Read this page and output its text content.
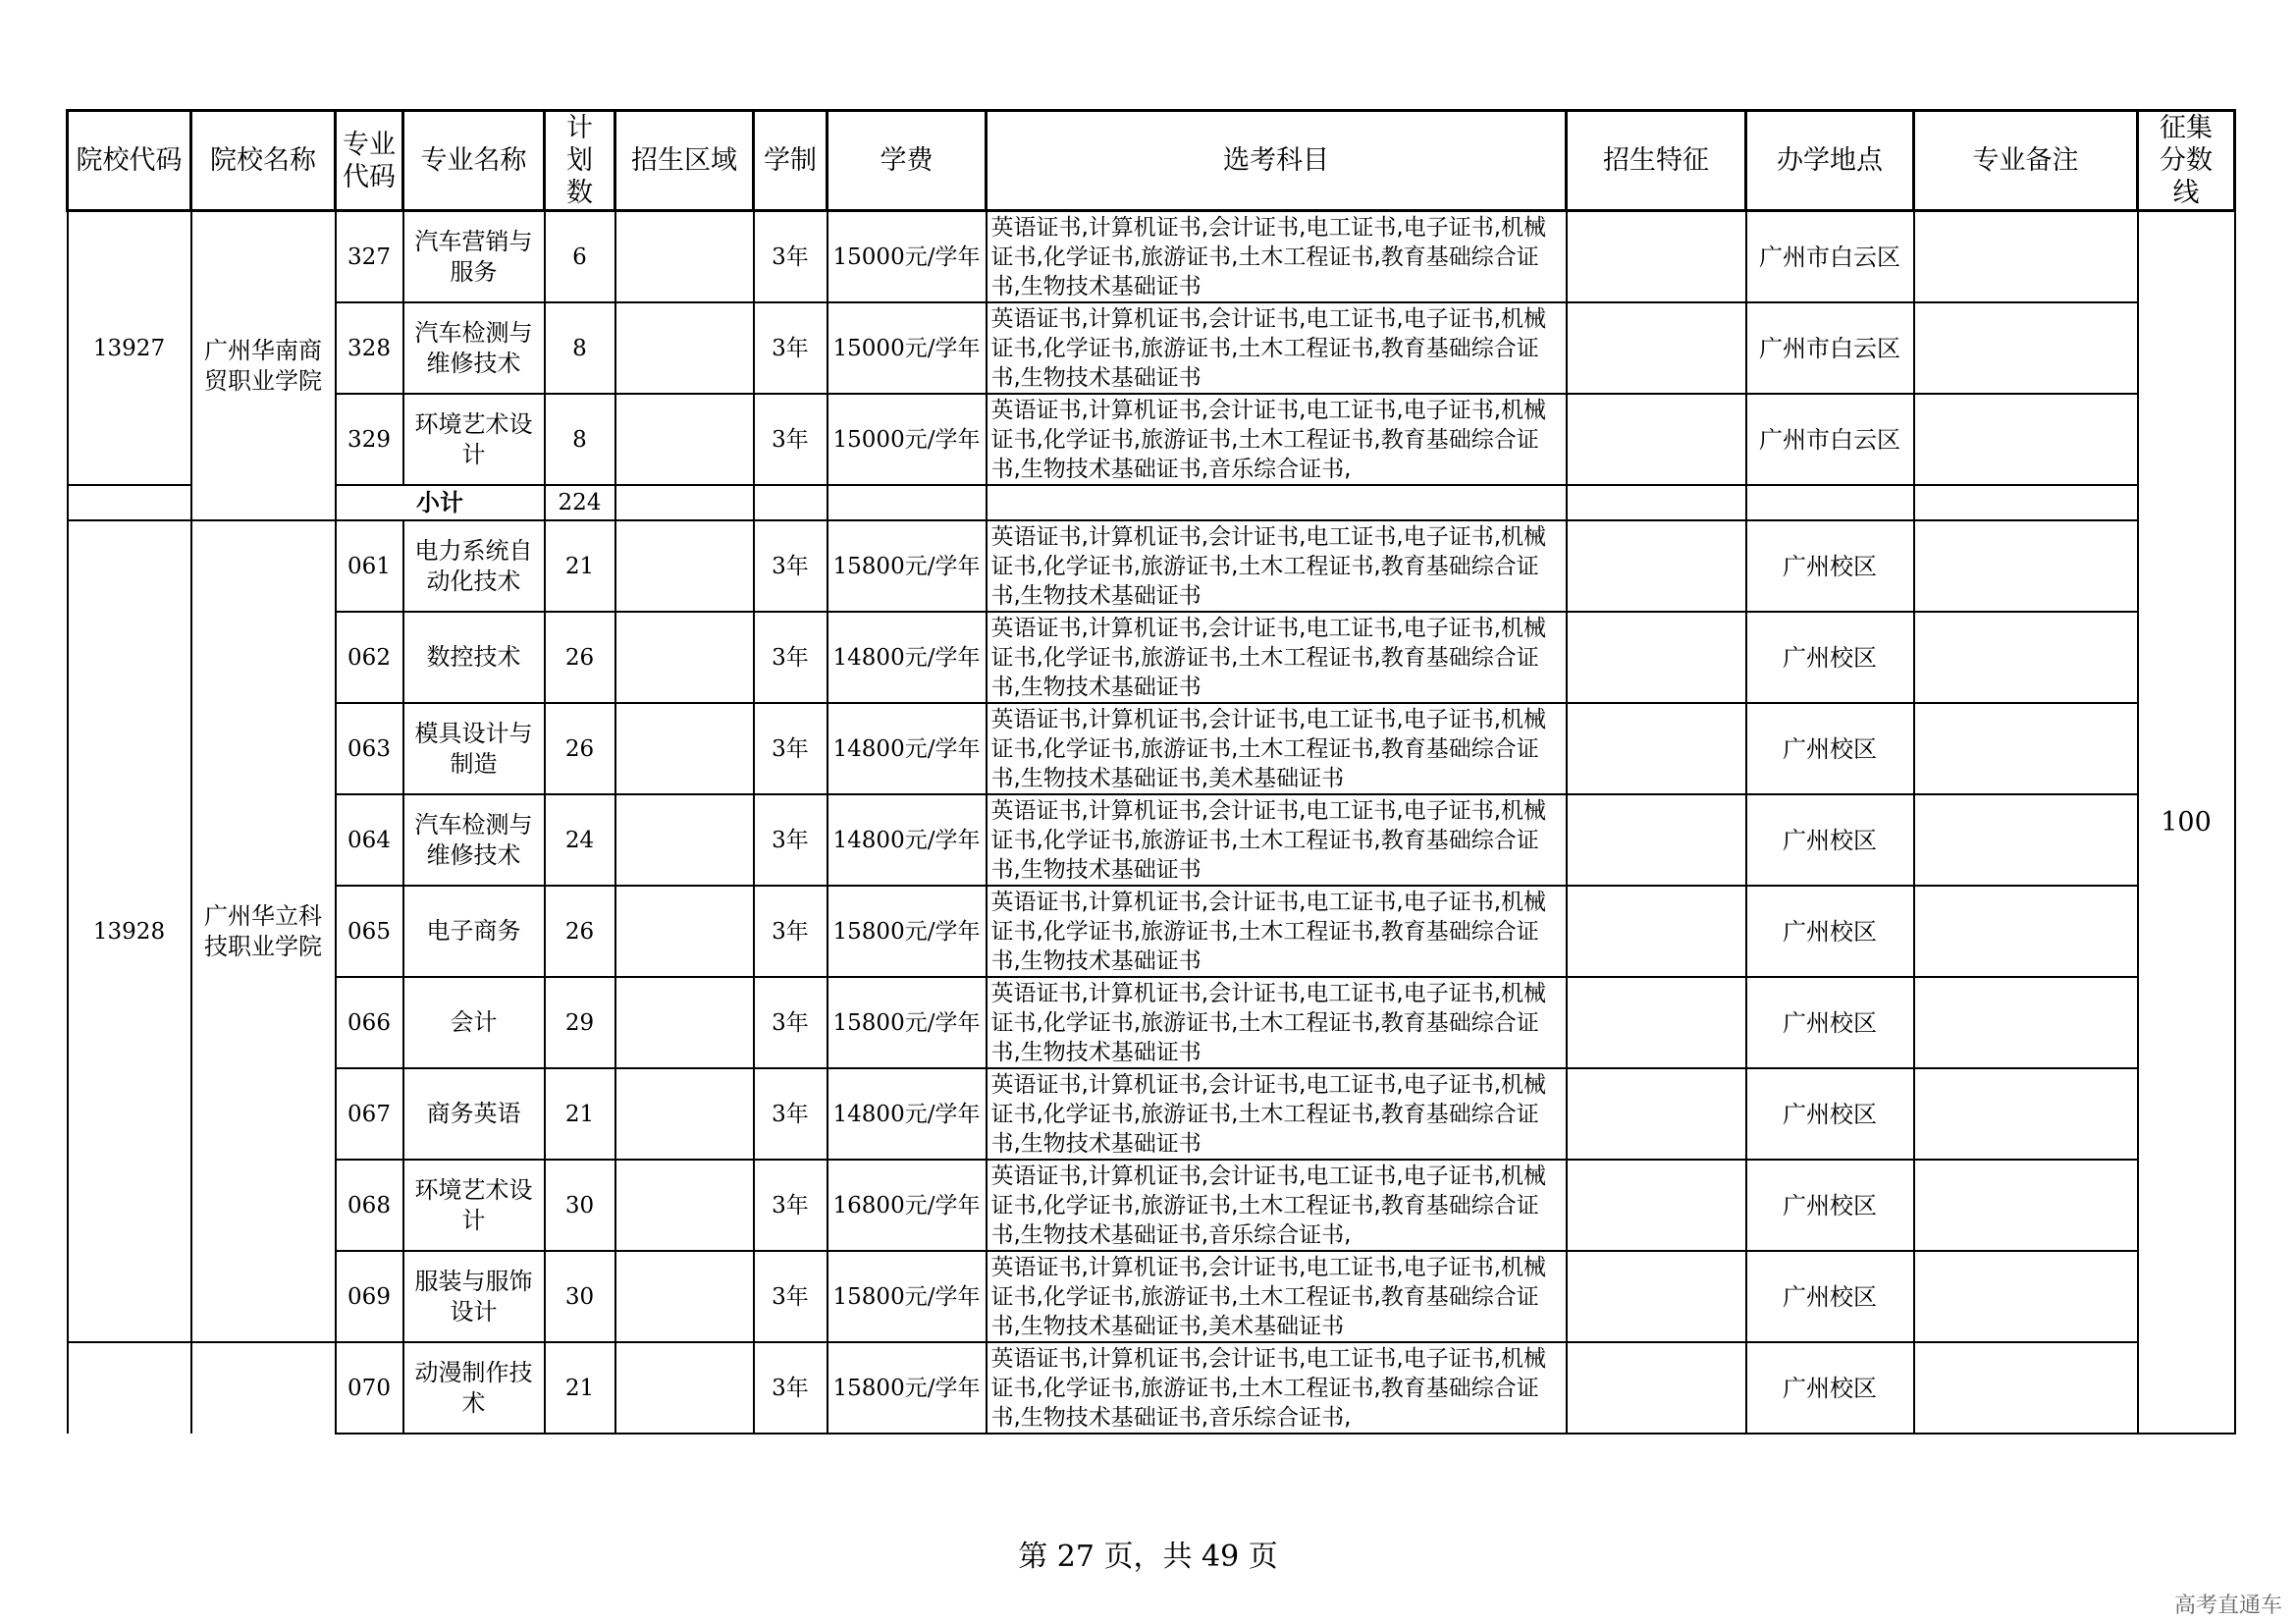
院校代码	院校名称	专业代码	专业名称	计划数	招生区域	学制	学费	选考科目	招生特征	办学地点	专业备注	征集分数线
13927	广州华南商贸职业学院	327	汽车营销与服务	6		3年	15000元/学年	英语证书,计算机证书,会计证书,电工证书,电子证书,机械证书,化学证书,旅游证书,土木工程证书,教育基础综合证书,生物技术基础证书		广州市白云区		100
		328	汽车检测与维修技术	8		3年	15000元/学年	英语证书,计算机证书,会计证书,电工证书,电子证书,机械证书,化学证书,旅游证书,土木工程证书,教育基础综合证书,生物技术基础证书		广州市白云区		
		329	环境艺术设计	8		3年	15000元/学年	英语证书,计算机证书,会计证书,电工证书,电子证书,机械证书,化学证书,旅游证书,土木工程证书,教育基础综合证书,生物技术基础证书,音乐综合证书,		广州市白云区		
		小计		224								
13928	广州华立科技职业学院	061	电力系统自动化技术	21		3年	15800元/学年	英语证书,计算机证书,会计证书,电工证书,电子证书,机械证书,化学证书,旅游证书,土木工程证书,教育基础综合证书,生物技术基础证书		广州校区		
		062	数控技术	26		3年	14800元/学年	英语证书,计算机证书,会计证书,电工证书,电子证书,机械证书,化学证书,旅游证书,土木工程证书,教育基础综合证书,生物技术基础证书		广州校区		
		063	模具设计与制造	26		3年	14800元/学年	英语证书,计算机证书,会计证书,电工证书,电子证书,机械证书,化学证书,旅游证书,土木工程证书,教育基础综合证书,生物技术基础证书,美术基础证书		广州校区		
		064	汽车检测与维修技术	24		3年	14800元/学年	英语证书,计算机证书,会计证书,电工证书,电子证书,机械证书,化学证书,旅游证书,土木工程证书,教育基础综合证书,生物技术基础证书		广州校区		
		065	电子商务	26		3年	15800元/学年	英语证书,计算机证书,会计证书,电工证书,电子证书,机械证书,化学证书,旅游证书,土木工程证书,教育基础综合证书,生物技术基础证书		广州校区		
		066	会计	29		3年	15800元/学年	英语证书,计算机证书,会计证书,电工证书,电子证书,机械证书,化学证书,旅游证书,土木工程证书,教育基础综合证书,生物技术基础证书		广州校区		
		067	商务英语	21		3年	14800元/学年	英语证书,计算机证书,会计证书,电工证书,电子证书,机械证书,化学证书,旅游证书,土木工程证书,教育基础综合证书,生物技术基础证书		广州校区		
		068	环境艺术设计	30		3年	16800元/学年	英语证书,计算机证书,会计证书,电工证书,电子证书,机械证书,化学证书,旅游证书,土木工程证书,教育基础综合证书,生物技术基础证书,音乐综合证书,		广州校区		
		069	服装与服饰设计	30		3年	15800元/学年	英语证书,计算机证书,会计证书,电工证书,电子证书,机械证书,化学证书,旅游证书,土木工程证书,教育基础综合证书,生物技术基础证书,美术基础证书		广州校区		
		070	动漫制作技术	21		3年	15800元/学年	英语证书,计算机证书,会计证书,电工证书,电子证书,机械证书,化学证书,旅游证书,土木工程证书,教育基础综合证书,生物技术基础证书,音乐综合证书,		广州校区		
第 27 页，共 49 页
高考直通车
